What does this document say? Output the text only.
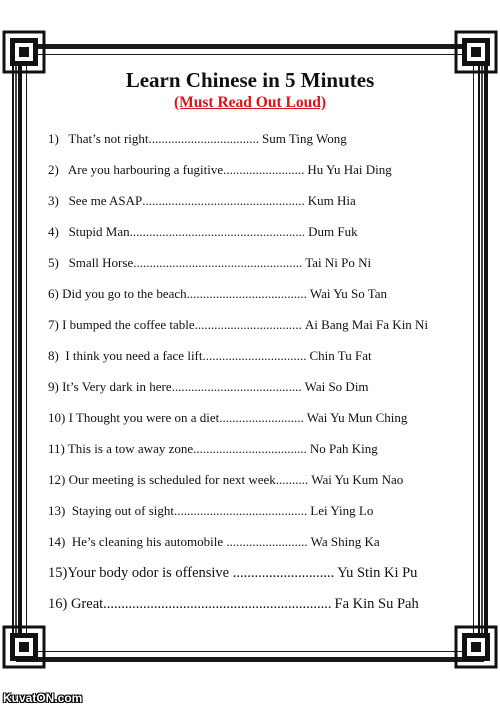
Learn Chinese in 5 Minutes
(Must Read Out Loud)
1)   That’s not right .................................. Sum Ting Wong
2)   Are you harbouring a fugitive ......................... Hu Yu Hai Ding
3)   See me ASAP .................................................. Kum Hia
4)   Stupid Man ...................................................... Dum Fuk
5)   Small Horse .................................................... Tai Ni Po Ni
6) Did you go to the beach ..................................... Wai Yu So Tan
7) I bumped the coffee table ................................. Ai Bang Mai Fa Kin Ni
8)  I think you need a face lift ................................ Chin Tu Fat
9) It’s Very dark in here ........................................ Wai So Dim
10) I Thought you were on a diet .......................... Wai Yu Mun Ching
11) This is a tow away zone ................................... No Pah King
12) Our meeting is scheduled for next week .......... Wai Yu Kum Nao
13)  Staying out of sight ......................................... Lei Ying Lo
14)  He’s cleaning his automobile ......................... Wa Shing Ka
15)Your body odor is offensive ............................ Yu Stin Ki Pu
16) Great ............................................................... Fa Kin Su Pah
KuvatON.com
